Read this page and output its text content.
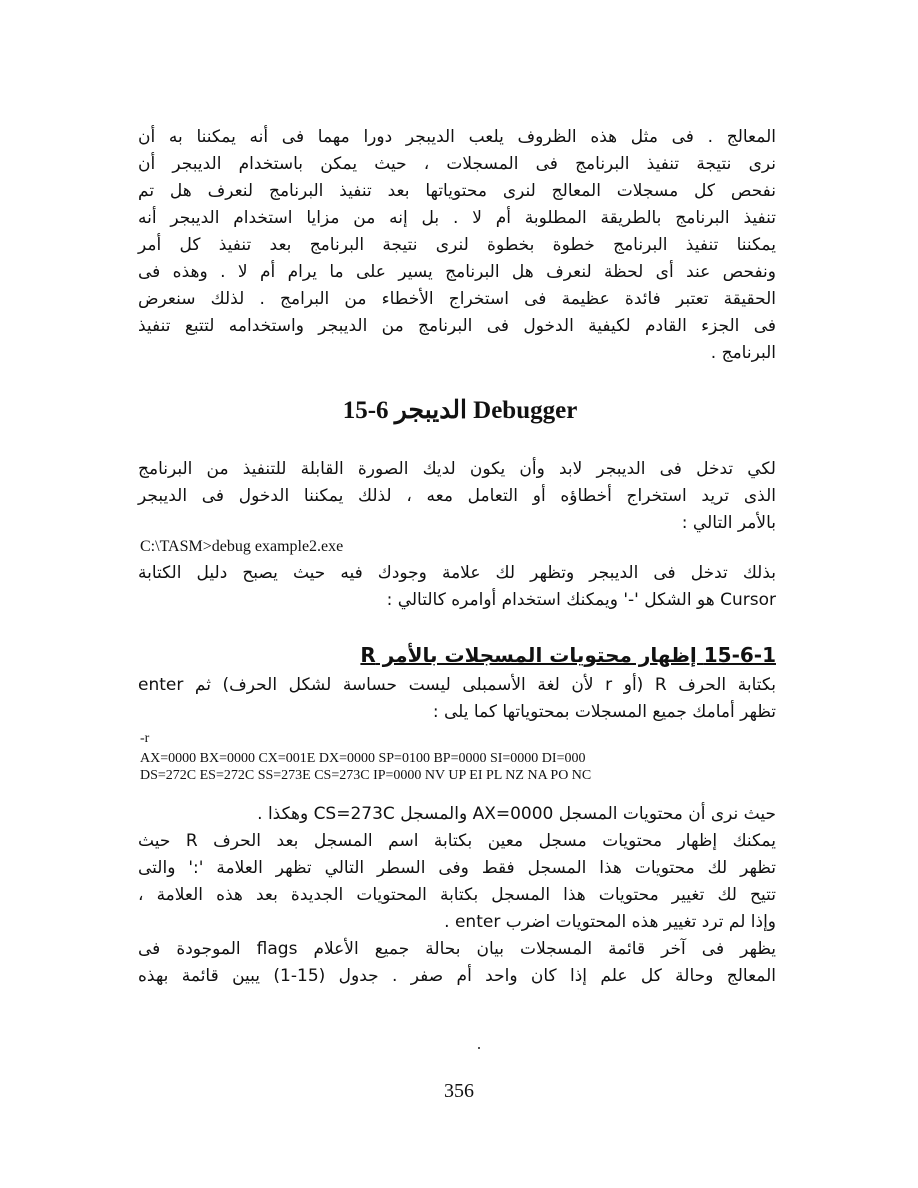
المعالج . فى مثل هذه الظروف يلعب الديبجر دورا مهما فى أنه يمكننا به أن
نرى نتيجة تنفيذ البرنامج فى المسجلات ، حيث يمكن باستخدام الديبجر أن
نفحص كل مسجلات المعالج لنرى محتوياتها بعد تنفيذ البرنامج لنعرف هل تم
تنفيذ البرنامج بالطريقة المطلوبة أم لا . بل إنه من مزايا استخدام الديبجر أنه
يمكننا تنفيذ البرنامج خطوة بخطوة لنرى نتيجة البرنامج بعد تنفيذ كل أمر
ونفحص عند أى لحظة لنعرف هل البرنامج يسير على ما يرام أم لا . وهذه فى
الحقيقة تعتبر فائدة عظيمة فى استخراج الأخطاء من البرامج . لذلك سنعرض
فى الجزء القادم لكيفية الدخول فى البرنامج من الديبجر واستخدامه لتتبع تنفيذ
البرنامج .
15-6 الديبجر Debugger
لكي تدخل فى الديبجر لابد وأن يكون لديك الصورة القابلة للتنفيذ من البرنامج
الذى تريد استخراج أخطاؤه أو التعامل معه ، لذلك يمكننا الدخول فى الديبجر
بالأمر التالي :
C:\TASM>debug example2.exe
بذلك تدخل فى الديبجر وتظهر لك علامة وجودك فيه حيث يصبح دليل الكتابة
Cursor هو الشكل '-' ويمكنك استخدام أوامره كالتالي :
15-6-1 إظهار محتويات المسجلات بالأمر R
بكتابة الحرف R (أو r لأن لغة الأسمبلى ليست حساسة لشكل الحرف) ثم enter
تظهر أمامك جميع المسجلات بمحتوياتها كما يلى :
-r
AX=0000 BX=0000 CX=001E DX=0000 SP=0100 BP=0000 SI=0000 DI=000
DS=272C ES=272C SS=273E CS=273C IP=0000 NV UP EI PL NZ NA PO NC
حيث نرى أن محتويات المسجل AX=0000 والمسجل CS=273C وهكذا .
يمكنك إظهار محتويات مسجل معين بكتابة اسم المسجل بعد الحرف R حيث
تظهر لك محتويات هذا المسجل فقط وفى السطر التالي تظهر العلامة ':' والتى
تتيح لك تغيير محتويات هذا المسجل بكتابة المحتويات الجديدة بعد هذه العلامة ،
وإذا لم ترد تغيير هذه المحتويات اضرب enter .
يظهر فى آخر قائمة المسجلات بيان بحالة جميع الأعلام flags الموجودة فى
المعالج وحالة كل علم إذا كان واحد أم صفر . جدول (15-1) يبين قائمة بهذه
356
